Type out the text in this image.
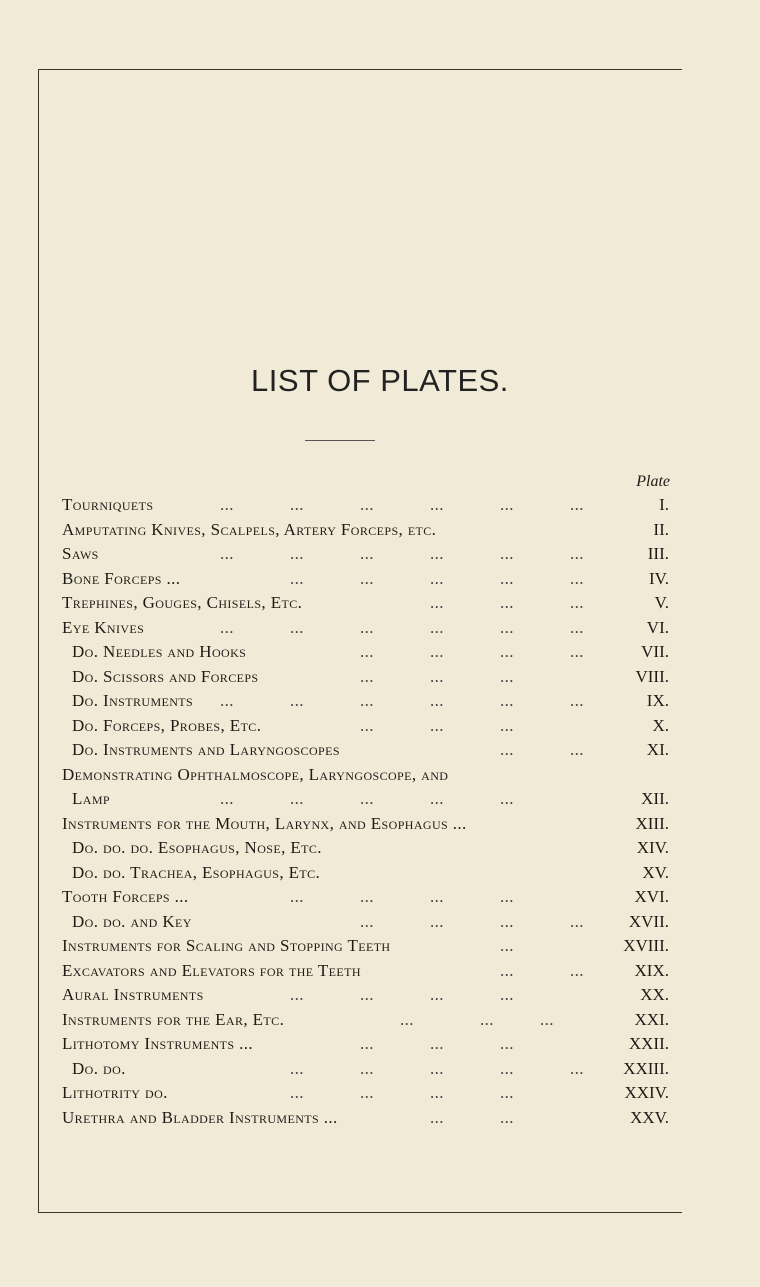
LIST OF PLATES.
Plate
Tourniquets	...	...	...	...	...	...	I.
Amputating Knives, Scalpels, Artery Forceps, etc.	II.
Saws	...	...	...	...	...	...	III.
Bone Forceps ...	...	...	...	...	...	IV.
Trephines, Gouges, Chisels, Etc.	...	...	...	V.
Eye Knives	...	...	...	...	...	...	VI.
Do. Needles and Hooks	...	...	...	...	VII.
Do. Scissors and Forceps	...	...	...	VIII.
Do. Instruments ...	...	...	...	...	...	IX.
Do. Forceps, Probes, Etc.	...	...	...	X.
Do. Instruments and Laryngoscopes	...	...	XI.
Demonstrating Ophthalmoscope, Laryngoscope, and
Lamp	...	...	...	...	...	XII.
Instruments for the Mouth, Larynx, and Esophagus ...	XIII.
Do. do. do. Esophagus, Nose, Etc.	XIV.
Do. do. Trachea, Esophagus, Etc.	XV.
Tooth Forceps ...	...	...	...	...	XVI.
Do. do. and Key	...	...	...	...	XVII.
Instruments for Scaling and Stopping Teeth	...	XVIII.
Excavators and Elevators for the Teeth	...	...	XIX.
Aural Instruments	...	...	...	...	XX.
Instruments for the Ear, Etc.	...	...	...	XXI.
Lithotomy Instruments ...	...	...	...	XXII.
Do. do.	...	...	...	...	... XXIII.
Lithotrity do.	...	...	...	...	XXIV.
Urethra and Bladder Instruments ...	...	...	XXV.
